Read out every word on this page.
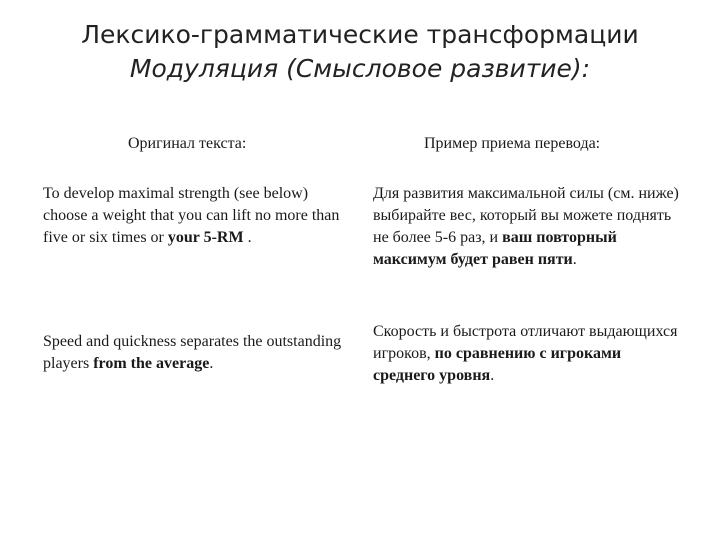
Лексико-грамматические трансформации
Модуляция (Смысловое развитие):
Оригинал текста:	Пример приема перевода:
To develop maximal strength (see below) choose a weight that you can lift no more than five or six times or your 5-RM .
Для развития максимальной силы (см. ниже) выбирайте вес, который вы можете поднять не более 5-6 раз, и ваш повторный максимум будет равен пяти.
Speed and quickness separates the outstanding players from the average.
Скорость и быстрота отличают выдающихся игроков, по сравнению с игроками среднего уровня.
